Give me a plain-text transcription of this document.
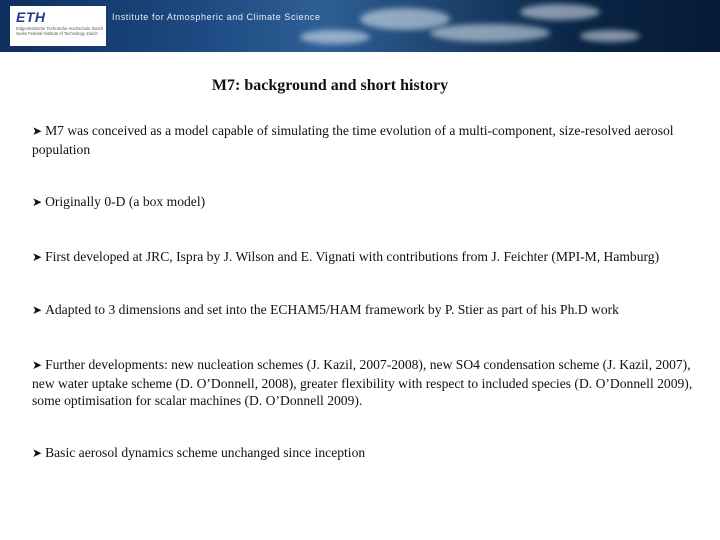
ETH
Eidgenössische Technische Hochschule Zürich Swiss Federal Institute of Technology Zurich
Institute for Atmospheric and Climate Science
M7: background and short history
➤ M7 was conceived as a model capable of simulating the time evolution of a multi-component, size-resolved aerosol population
➤ Originally 0-D (a box model)
➤ First developed at JRC, Ispra by J. Wilson and E. Vignati with contributions from J. Feichter (MPI-M, Hamburg)
➤ Adapted to 3 dimensions and set into the ECHAM5/HAM framework by P. Stier as part of his Ph.D work
➤ Further developments: new nucleation schemes (J. Kazil, 2007-2008), new SO4 condensation scheme (J. Kazil, 2007), new water uptake scheme (D. O’Donnell, 2008), greater flexibility with respect to included species (D. O’Donnell 2009), some optimisation for scalar machines (D. O’Donnell 2009).
➤ Basic aerosol dynamics scheme unchanged since inception
